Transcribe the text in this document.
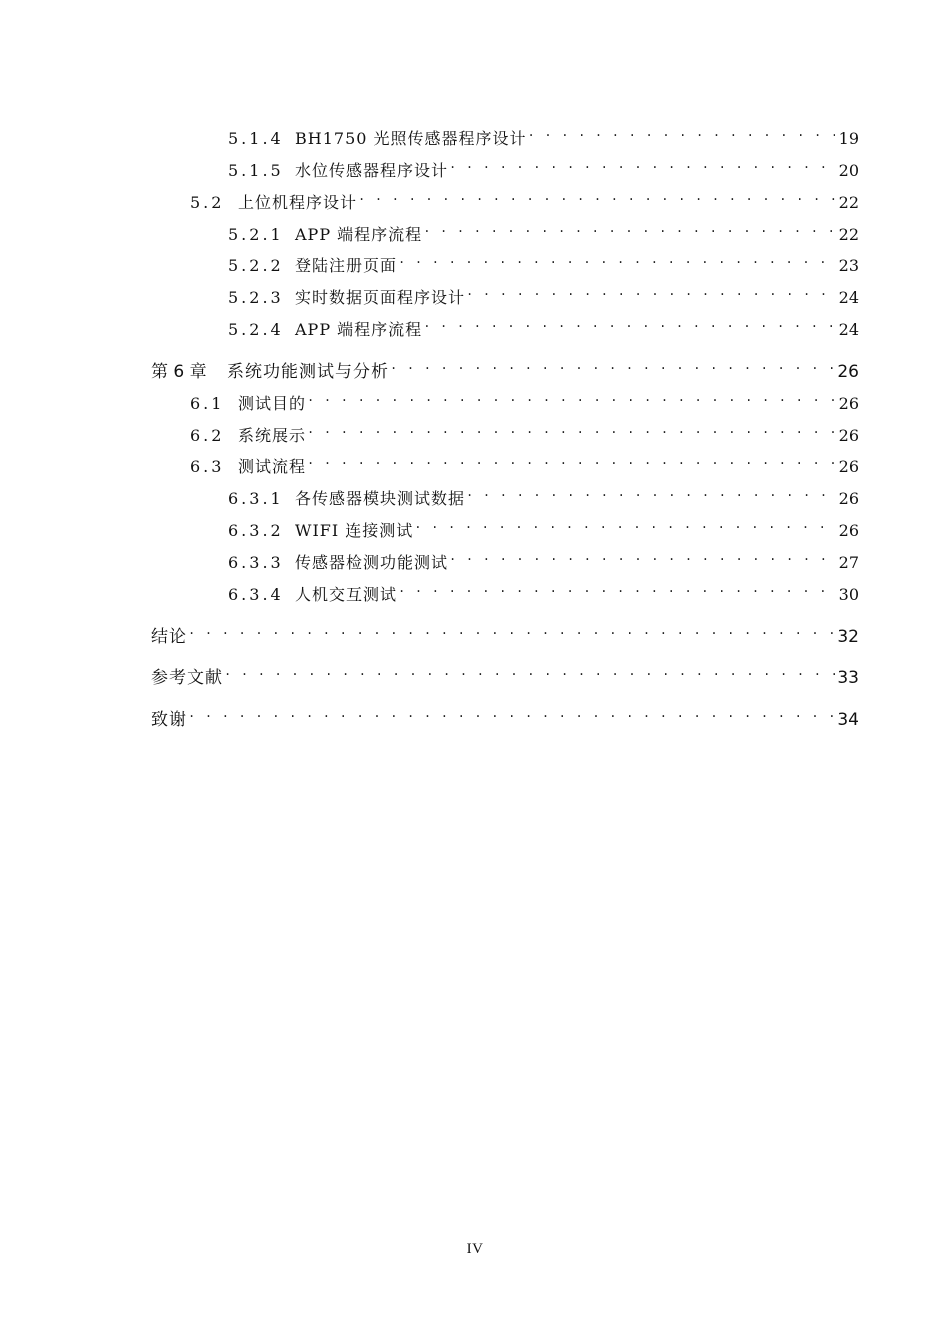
5.1.4 BH1750 光照传感器程序设计 . . .	19
5.1.5 水位传感器程序设计 . . .	20
5.2 上位机程序设计 . . .	22
5.2.1 APP 端程序流程 . . .	22
5.2.2 登陆注册页面 . . .	23
5.2.3 实时数据页面程序设计 . . .	24
5.2.4 APP 端程序流程 . . .	24
第 6 章	系统功能测试与分析 . . .	26
6.1 测试目的 . . .	26
6.2 系统展示 . . .	26
6.3 测试流程 . . .	26
6.3.1 各传感器模块测试数据 . . .	26
6.3.2 WIFI 连接测试 . . .	26
6.3.3 传感器检测功能测试 . . .	27
6.3.4 人机交互测试 . . .	30
结论 . . .	32
参考文献 . . .	33
致谢 . . .	34
IV
